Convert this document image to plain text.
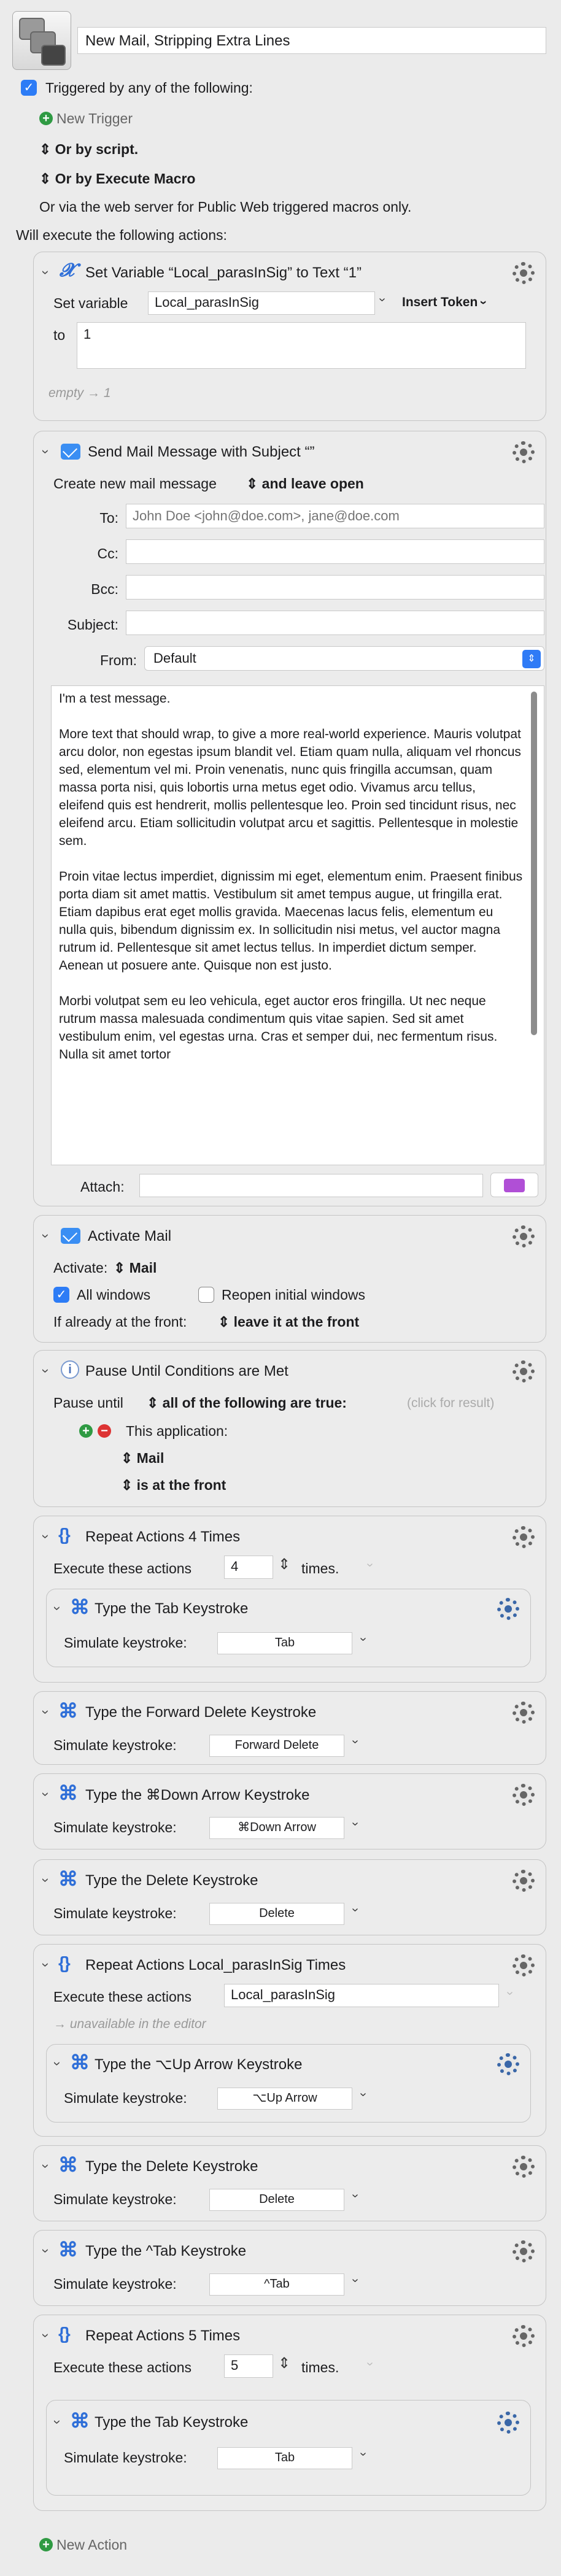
New Mail, Stripping Extra Lines
✓ Triggered by any of the following:
+ New Trigger
⇕ Or by script.
⇕ Or by Execute Macro
Or via the web server for Public Web triggered macros only.
Will execute the following actions:
› 𝓧 Set Variable “Local_parasInSig” to Text “1”
Set variable	Local_parasInSig	› Insert Token ›
to	1
empty → 1
› Send Mail Message with Subject “”
Create new mail message ⇕ and leave open
To:
John Doe <john@doe.com>, jane@doe.com
Cc:
Bcc:
Subject:
From:	Default	⇕

I'm a test message.

More text that should wrap, to give a more real-world experience. Mauris volutpat arcu dolor, non egestas ipsum blandit vel. Etiam quam nulla, aliquam vel rhoncus sed, elementum vel mi. Proin venenatis, nunc quis fringilla accumsan, quam massa porta nisi, quis lobortis urna metus eget odio. Vivamus arcu tellus, eleifend quis est hendrerit, mollis pellentesque leo. Proin sed tincidunt risus, nec eleifend arcu. Etiam sollicitudin volutpat arcu et sagittis. Pellentesque in molestie sem.

Proin vitae lectus imperdiet, dignissim mi eget, elementum enim. Praesent finibus porta diam sit amet mattis. Vestibulum sit amet tempus augue, ut fringilla erat. Etiam dapibus erat eget mollis gravida. Maecenas lacus felis, elementum eu nulla quis, bibendum dignissim ex. In sollicitudin nisi metus, vel auctor magna rutrum id. Pellentesque sit amet lectus tellus. In imperdiet dictum semper. Aenean ut posuere ante. Quisque non est justo.

Morbi volutpat sem eu leo vehicula, eget auctor eros fringilla. Ut nec neque rutrum massa malesuada condimentum quis vitae sapien. Sed sit amet vestibulum enim, vel egestas urna. Cras et semper dui, nec fermentum risus. Nulla sit amet tortor

Attach:
› Activate Mail
Activate: ⇕ Mail
✓ All windows	Reopen initial windows
If already at the front: ⇕ leave it at the front
›	i Pause Until Conditions are Met
Pause until ⇕ all of the following are true:	(click for result)
+ − This application:
⇕ Mail
⇕ is at the front
› {} Repeat Actions 4 Times
Execute these actions	4	⇕ times. ›
› ⌘ Type the Tab Keystroke
Simulate keystroke:	Tab	›
› ⌘ Type the Forward Delete Keystroke
Simulate keystroke:	Forward Delete	›
› ⌘ Type the ⌘Down Arrow Keystroke
Simulate keystroke:	⌘Down Arrow	›
› ⌘ Type the Delete Keystroke
Simulate keystroke:	Delete	›
› {} Repeat Actions Local_parasInSig Times
Execute these actions	Local_parasInSig	›
→ unavailable in the editor
› ⌘ Type the ⌥Up Arrow Keystroke
Simulate keystroke:	⌥Up Arrow	›
› ⌘ Type the Delete Keystroke
Simulate keystroke:	Delete	›
› ⌘ Type the ^Tab Keystroke
Simulate keystroke:	^Tab	›
› {} Repeat Actions 5 Times
Execute these actions	5	⇕ times. ›
› ⌘ Type the Tab Keystroke
Simulate keystroke:	Tab	›
+ New Action
